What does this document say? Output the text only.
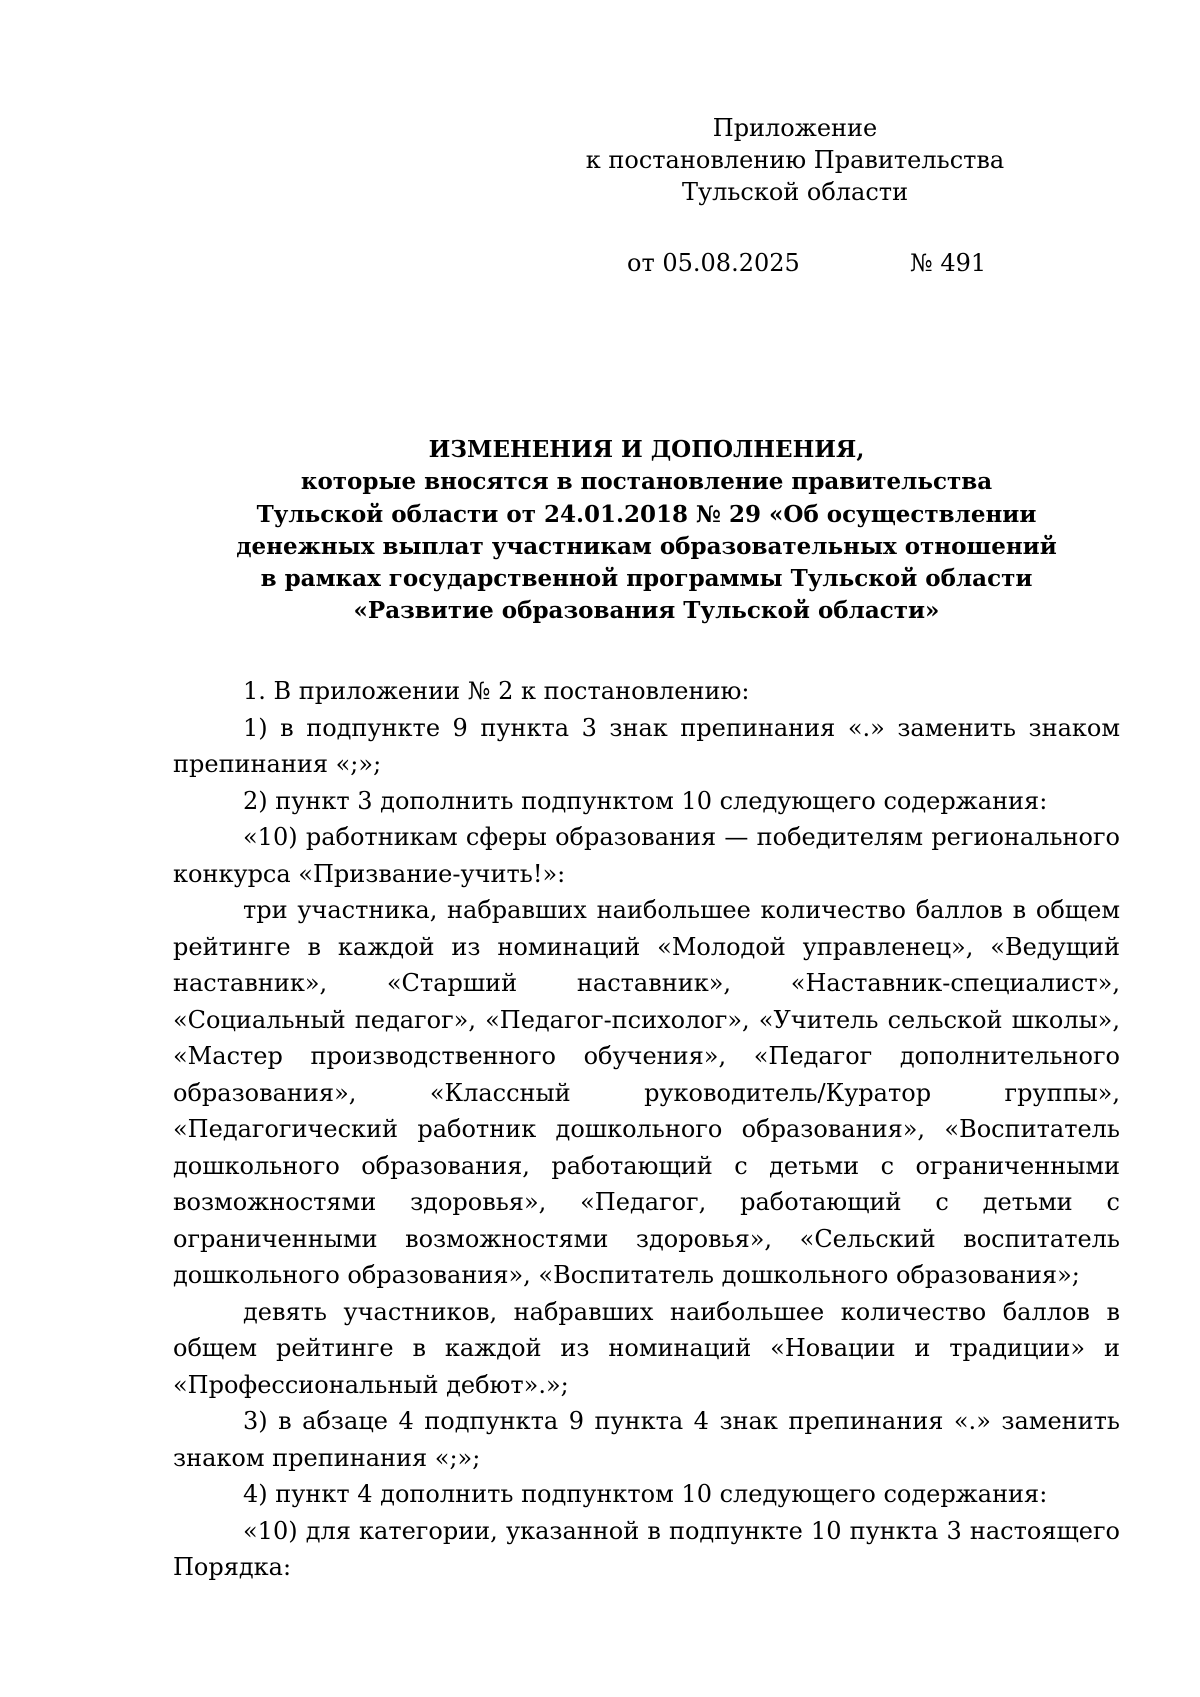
Приложение
к постановлению Правительства
Тульской области
от 05.08.2025	№ 491
ИЗМЕНЕНИЯ И ДОПОЛНЕНИЯ,
которые вносятся в постановление правительства
Тульской области от 24.01.2018 № 29 «Об осуществлении
денежных выплат участникам образовательных отношений
в рамках государственной программы Тульской области
«Развитие образования Тульской области»

1. В приложении № 2 к постановлению:

1) в подпункте 9 пункта 3 знак препинания «.» заменить знаком препинания «;»;

2) пункт 3 дополнить подпунктом 10 следующего содержания:

«10) работникам сферы образования — победителям регионального конкурса «Призвание-учить!»:

три участника, набравших наибольшее количество баллов в общем рейтинге в каждой из номинаций «Молодой управленец», «Ведущий наставник», «Старший наставник», «Наставник-специалист», «Социальный педагог», «Педагог-психолог», «Учитель сельской школы», «Мастер производственного обучения», «Педагог дополнительного образования», «Классный руководитель/Куратор группы», «Педагогический работник дошкольного образования», «Воспитатель дошкольного образования, работающий с детьми с ограниченными возможностями здоровья», «Педагог, работающий с детьми с ограниченными возможностями здоровья», «Сельский воспитатель дошкольного образования», «Воспитатель дошкольного образования»;

девять участников, набравших наибольшее количество баллов в общем рейтинге в каждой из номинаций «Новации и традиции» и «Профессиональный дебют».»;

3) в абзаце 4 подпункта 9 пункта 4 знак препинания «.» заменить знаком препинания «;»;

4) пункт 4 дополнить подпунктом 10 следующего содержания:

«10) для категории, указанной в подпункте 10 пункта 3 настоящего Порядка:
